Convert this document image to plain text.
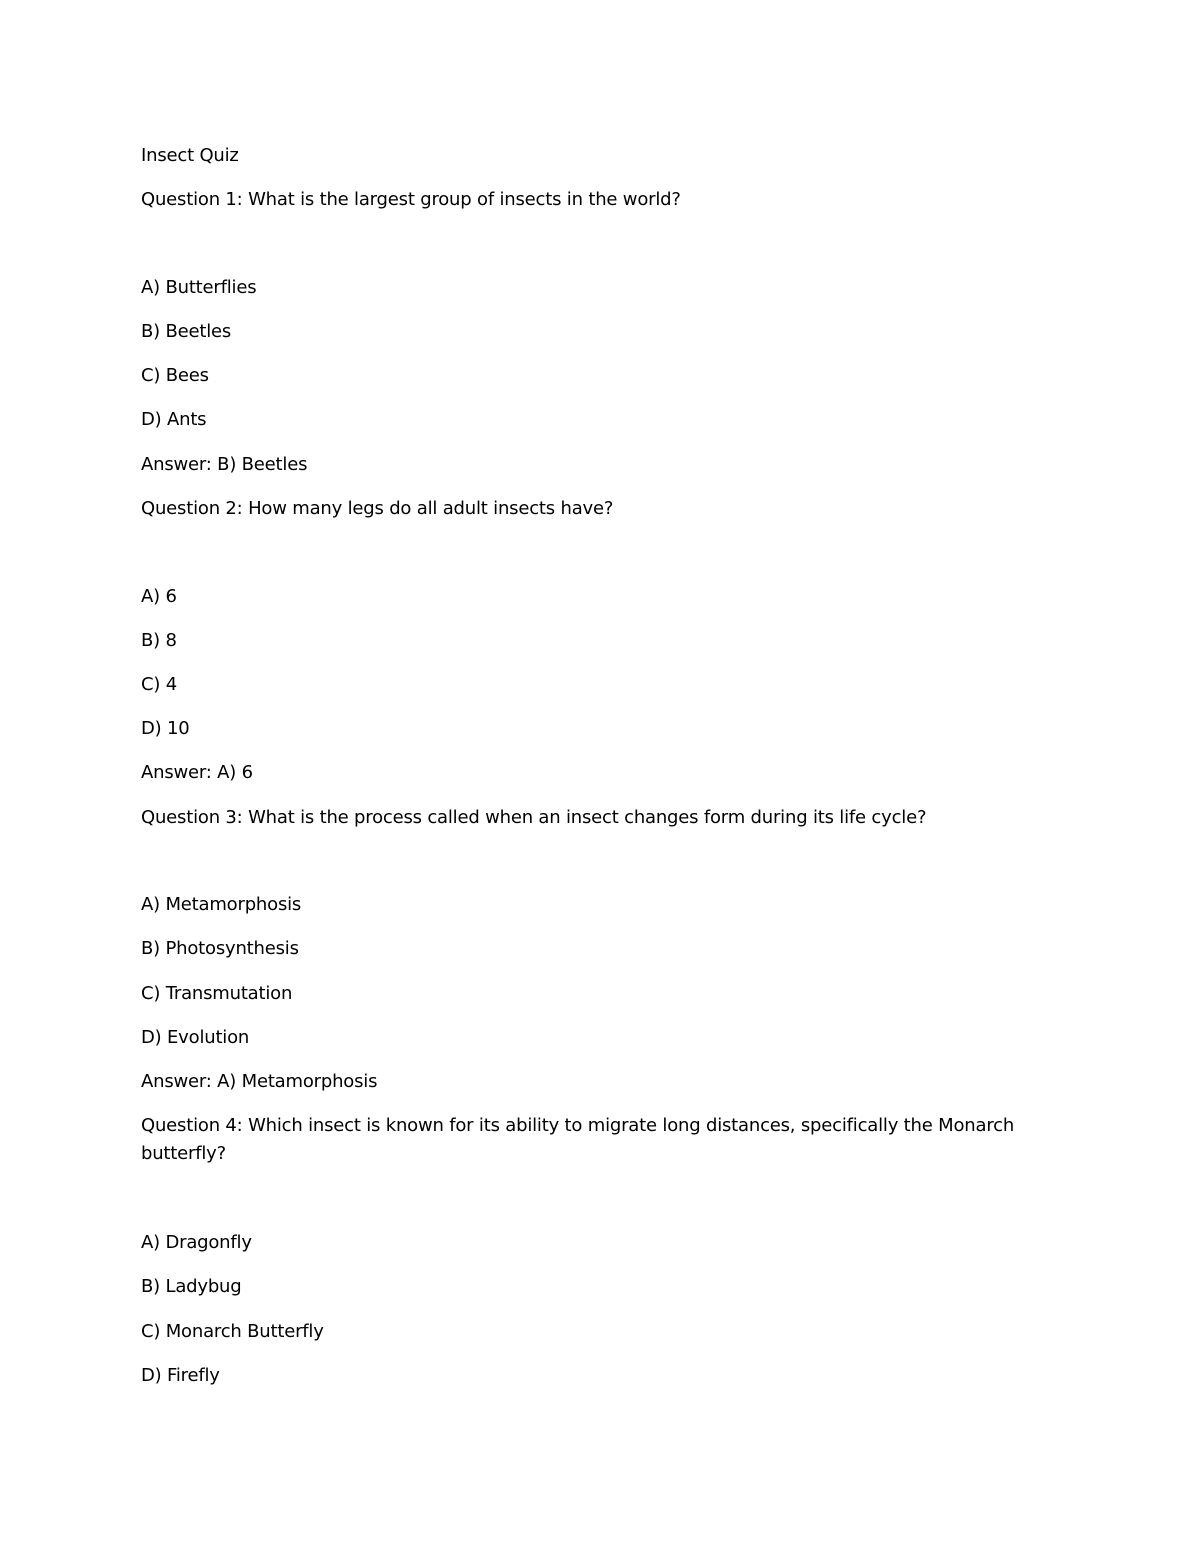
Insect Quiz
Question 1: What is the largest group of insects in the world?
A) Butterflies
B) Beetles
C) Bees
D) Ants
Answer: B) Beetles
Question 2: How many legs do all adult insects have?
A) 6
B) 8
C) 4
D) 10
Answer: A) 6
Question 3: What is the process called when an insect changes form during its life cycle?
A) Metamorphosis
B) Photosynthesis
C) Transmutation
D) Evolution
Answer: A) Metamorphosis
Question 4: Which insect is known for its ability to migrate long distances, specifically the Monarch butterfly?
A) Dragonfly
B) Ladybug
C) Monarch Butterfly
D) Firefly
